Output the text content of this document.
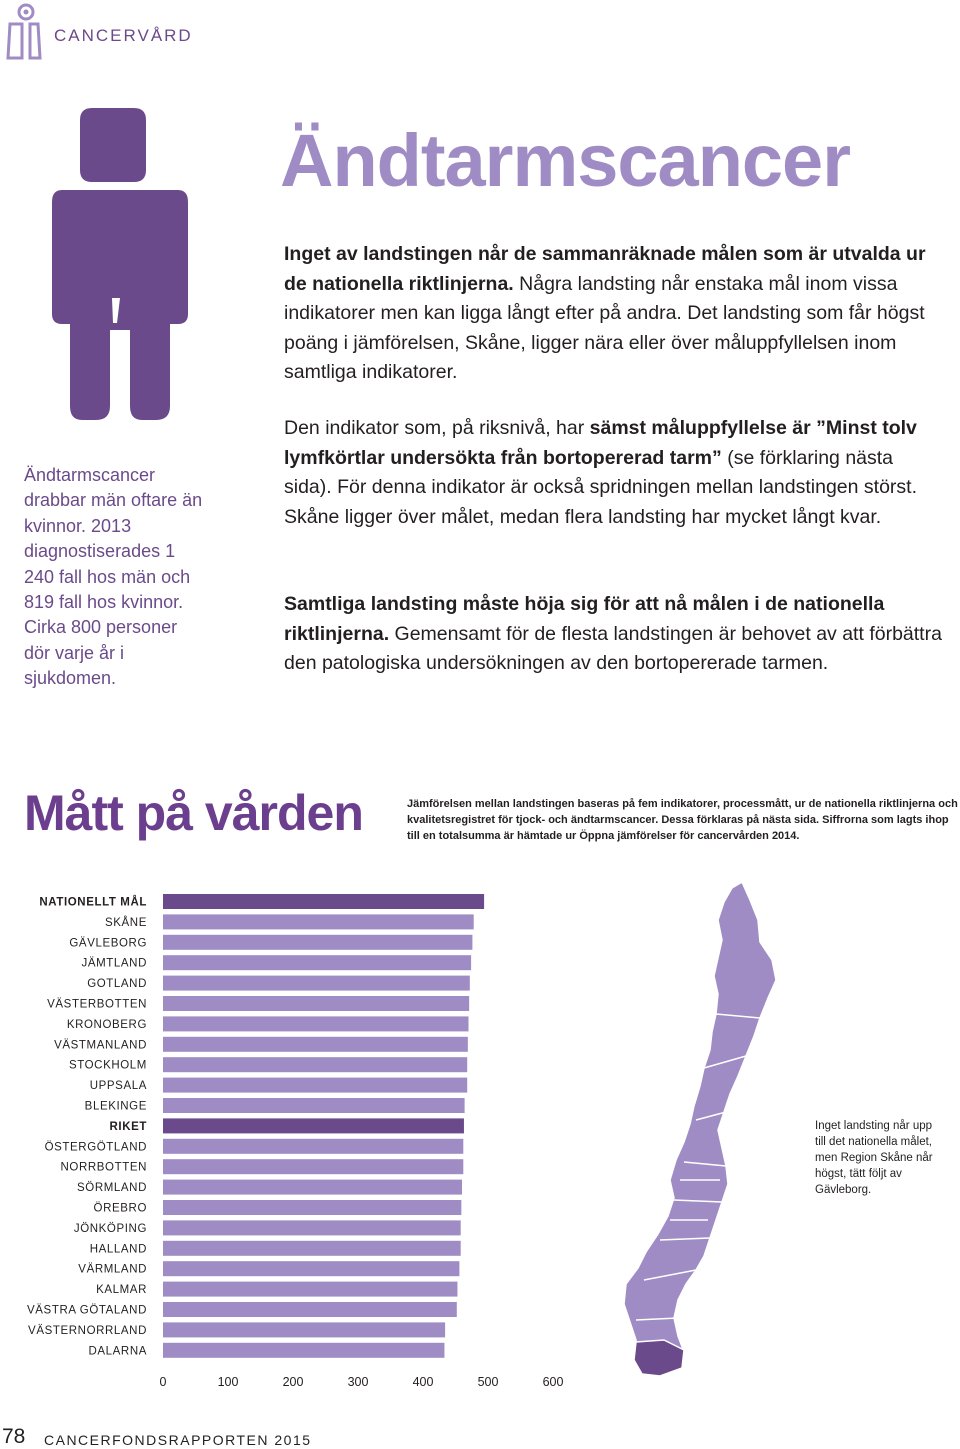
CANCERVÅRD
Ändtarmscancer
Ändtarmscancer drabbar män oftare än kvinnor. 2013 diagnostiserades 1 240 fall hos män och 819 fall hos kvinnor. Cirka 800 personer dör varje år i sjukdomen.
Inget av landstingen når de sammanräknade målen som är utvalda ur de nationella riktlinjerna. Några landsting når enstaka mål inom vissa indikatorer men kan ligga långt efter på andra. Det landsting som får högst poäng i jämförelsen, Skåne, ligger nära eller över måluppfyllelsen inom samtliga indikatorer.
Den indikator som, på riksnivå, har sämst måluppfyllelse är ”Minst tolv lymfkörtlar undersökta från bortopererad tarm” (se förklaring nästa sida). För denna indikator är också spridningen mellan landstingen störst. Skåne ligger över målet, medan flera landsting har mycket långt kvar.
Samtliga landsting måste höja sig för att nå målen i de nationella riktlinjerna. Gemensamt för de flesta landstingen är behovet av att förbättra den patologiska undersökningen av den bortopererade tarmen.
Mått på vården	Jämförelsen mellan landstingen baseras på fem indikatorer, processmått, ur de nationella riktlinjerna och kvalitetsregistret för tjock- och ändtarmscancer. Dessa förklaras på nästa sida. Siffrorna som lagts ihop till en totalsumma är hämtade ur Öppna jämförelser för cancervården 2014.
NATIONELLT MÅL
SKÅNE
GÄVLEBORG
JÄMTLAND
GOTLAND
VÄSTERBOTTEN
KRONOBERG
VÄSTMANLAND
STOCKHOLM
UPPSALA
BLEKINGE
RIKET
ÖSTERGÖTLAND
NORRBOTTEN
SÖRMLAND
ÖREBRO
JÖNKÖPING
HALLAND
VÄRMLAND
KALMAR
VÄSTRA GÖTALAND
VÄSTERNORRLAND
DALARNA
0	100	200	300	400	500	600
Inget landsting når upp till det nationella målet, men Region Skåne når högst, tätt följt av Gävleborg.
78 CANCERFONDSRAPPORTEN 2015
